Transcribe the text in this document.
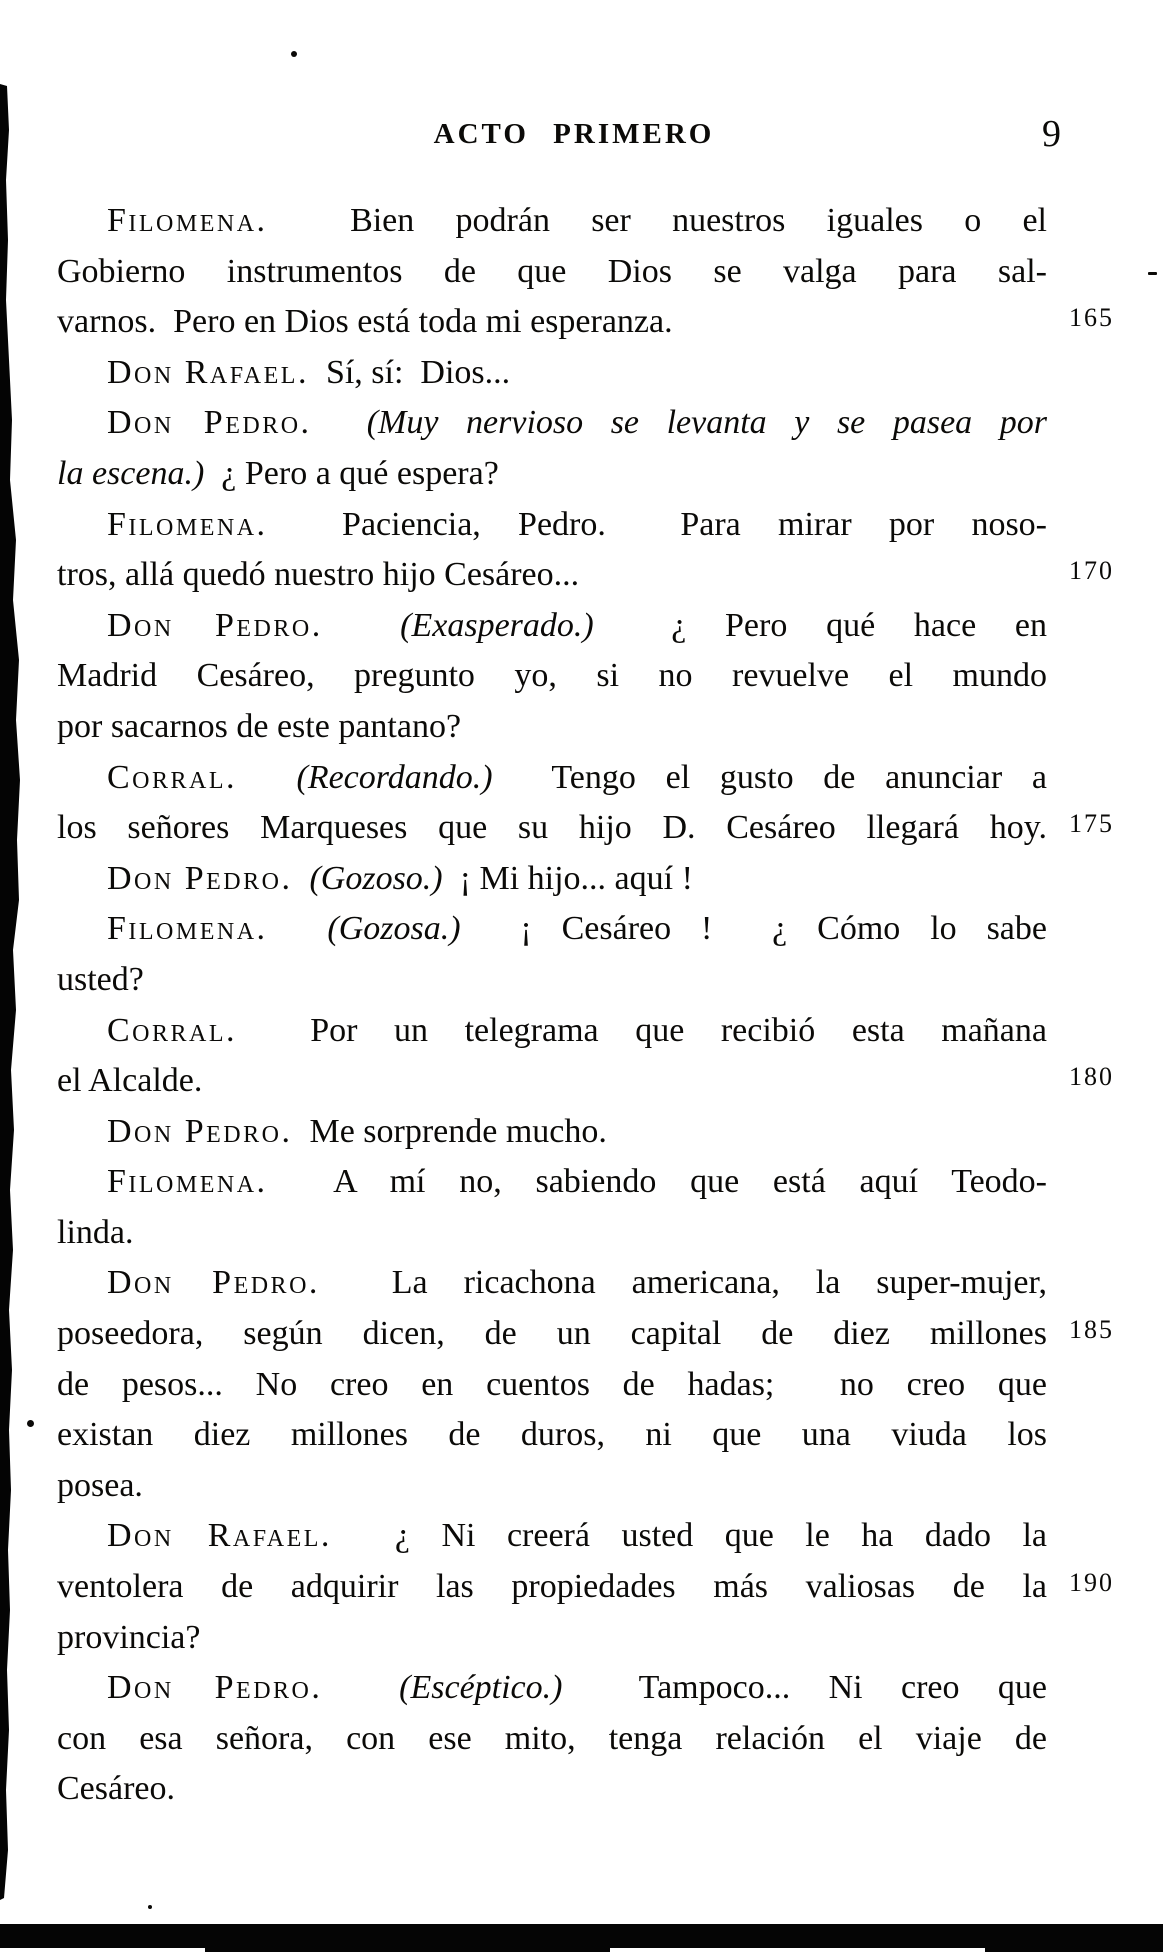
ACTO PRIMERO	9
Filomena.  Bien podrán ser nuestros iguales o el
Gobierno instrumentos de que Dios se valga para sal-
varnos.  Pero en Dios está toda mi esperanza.	165
Don Rafael.  Sí, sí:  Dios...
Don Pedro.  (Muy nervioso se levanta y se pasea por
la escena.)  ¿ Pero a qué espera?
Filomena.  Paciencia, Pedro.  Para mirar por noso-
tros, allá quedó nuestro hijo Cesáreo...	170
Don Pedro.  (Exasperado.)  ¿ Pero qué hace en
Madrid Cesáreo, pregunto yo, si no revuelve el mundo
por sacarnos de este pantano?
Corral.  (Recordando.)  Tengo el gusto de anunciar a
los señores Marqueses que su hijo D. Cesáreo llegará hoy. 175
Don Pedro.  (Gozoso.)  ¡ Mi hijo... aquí !
Filomena.  (Gozosa.)  ¡ Cesáreo !  ¿ Cómo lo sabe
usted?
Corral.  Por un telegrama que recibió esta mañana
el Alcalde.	180
Don Pedro.  Me sorprende mucho.
Filomena.  A mí no, sabiendo que está aquí Teodo-
linda.
Don Pedro.  La ricachona americana, la super-mujer,
poseedora, según dicen, de un capital de diez millones 185
de pesos... No creo en cuentos de hadas;  no creo que
existan diez millones de duros, ni que una viuda los
posea.
Don Rafael.  ¿ Ni creerá usted que le ha dado la
ventolera de adquirir las propiedades más valiosas de la 190
provincia?
Don Pedro.  (Escéptico.)  Tampoco... Ni creo que
con esa señora, con ese mito, tenga relación el viaje de
Cesáreo.
